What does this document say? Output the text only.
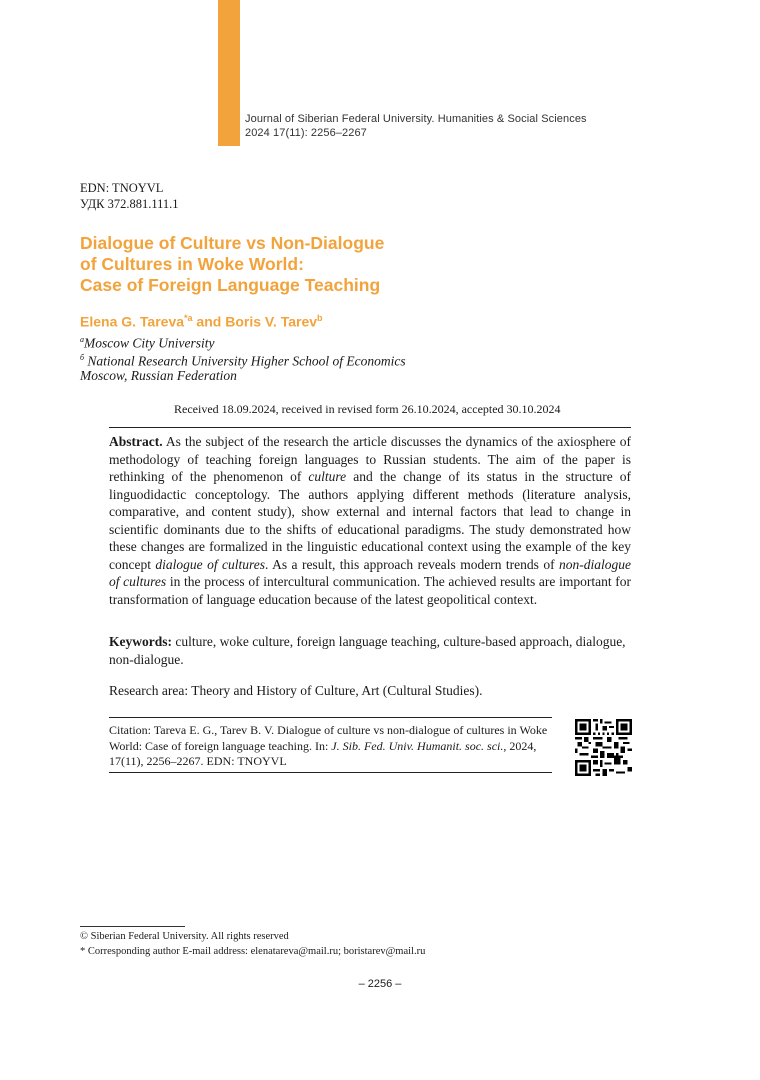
Journal of Siberian Federal University. Humanities & Social Sciences
2024 17(11): 2256–2267
EDN: TNOYVL
УДК 372.881.111.1
Dialogue of Culture vs Non-Dialogue
of Cultures in Woke World:
Case of Foreign Language Teaching
Elena G. Tareva$^{*a}$ and Boris V. Tarev$^b$
$^a$Moscow City University
$^б$ National Research University Higher School of Economics
Moscow, Russian Federation
Received 18.09.2024, received in revised form 26.10.2024, accepted 30.10.2024

Abstract. As the subject of the research the article discusses the dynamics of the axiosphere of methodology of teaching foreign languages to Russian students. The aim of the paper is rethinking of the phenomenon of culture and the change of its status in the structure of linguodidactic conceptology. The authors applying different methods (literature analysis, comparative, and content study), show external and internal factors that lead to change in scientific dominants due to the shifts of educational paradigms. The study demonstrated how these changes are formalized in the linguistic educational context using the example of the key concept dialogue of cultures. As a result, this approach reveals modern trends of non-dialogue of cultures in the process of intercultural communication. The achieved results are important for transformation of language education because of the latest geopolitical context.

Keywords: culture, woke culture, foreign language teaching, culture-based approach, dialogue, non-dialogue.

Research area: Theory and History of Culture, Art (Cultural Studies).

Citation: Tareva E. G., Tarev B. V. Dialogue of culture vs non-dialogue of cultures in Woke World: Case of foreign language teaching. In: J. Sib. Fed. Univ. Humanit. soc. sci., 2024, 17(11), 2256–2267. EDN: TNOYVL

© Siberian Federal University. All rights reserved
* Corresponding author E-mail address: elenatareva@mail.ru; boristarev@mail.ru
– 2256 –
